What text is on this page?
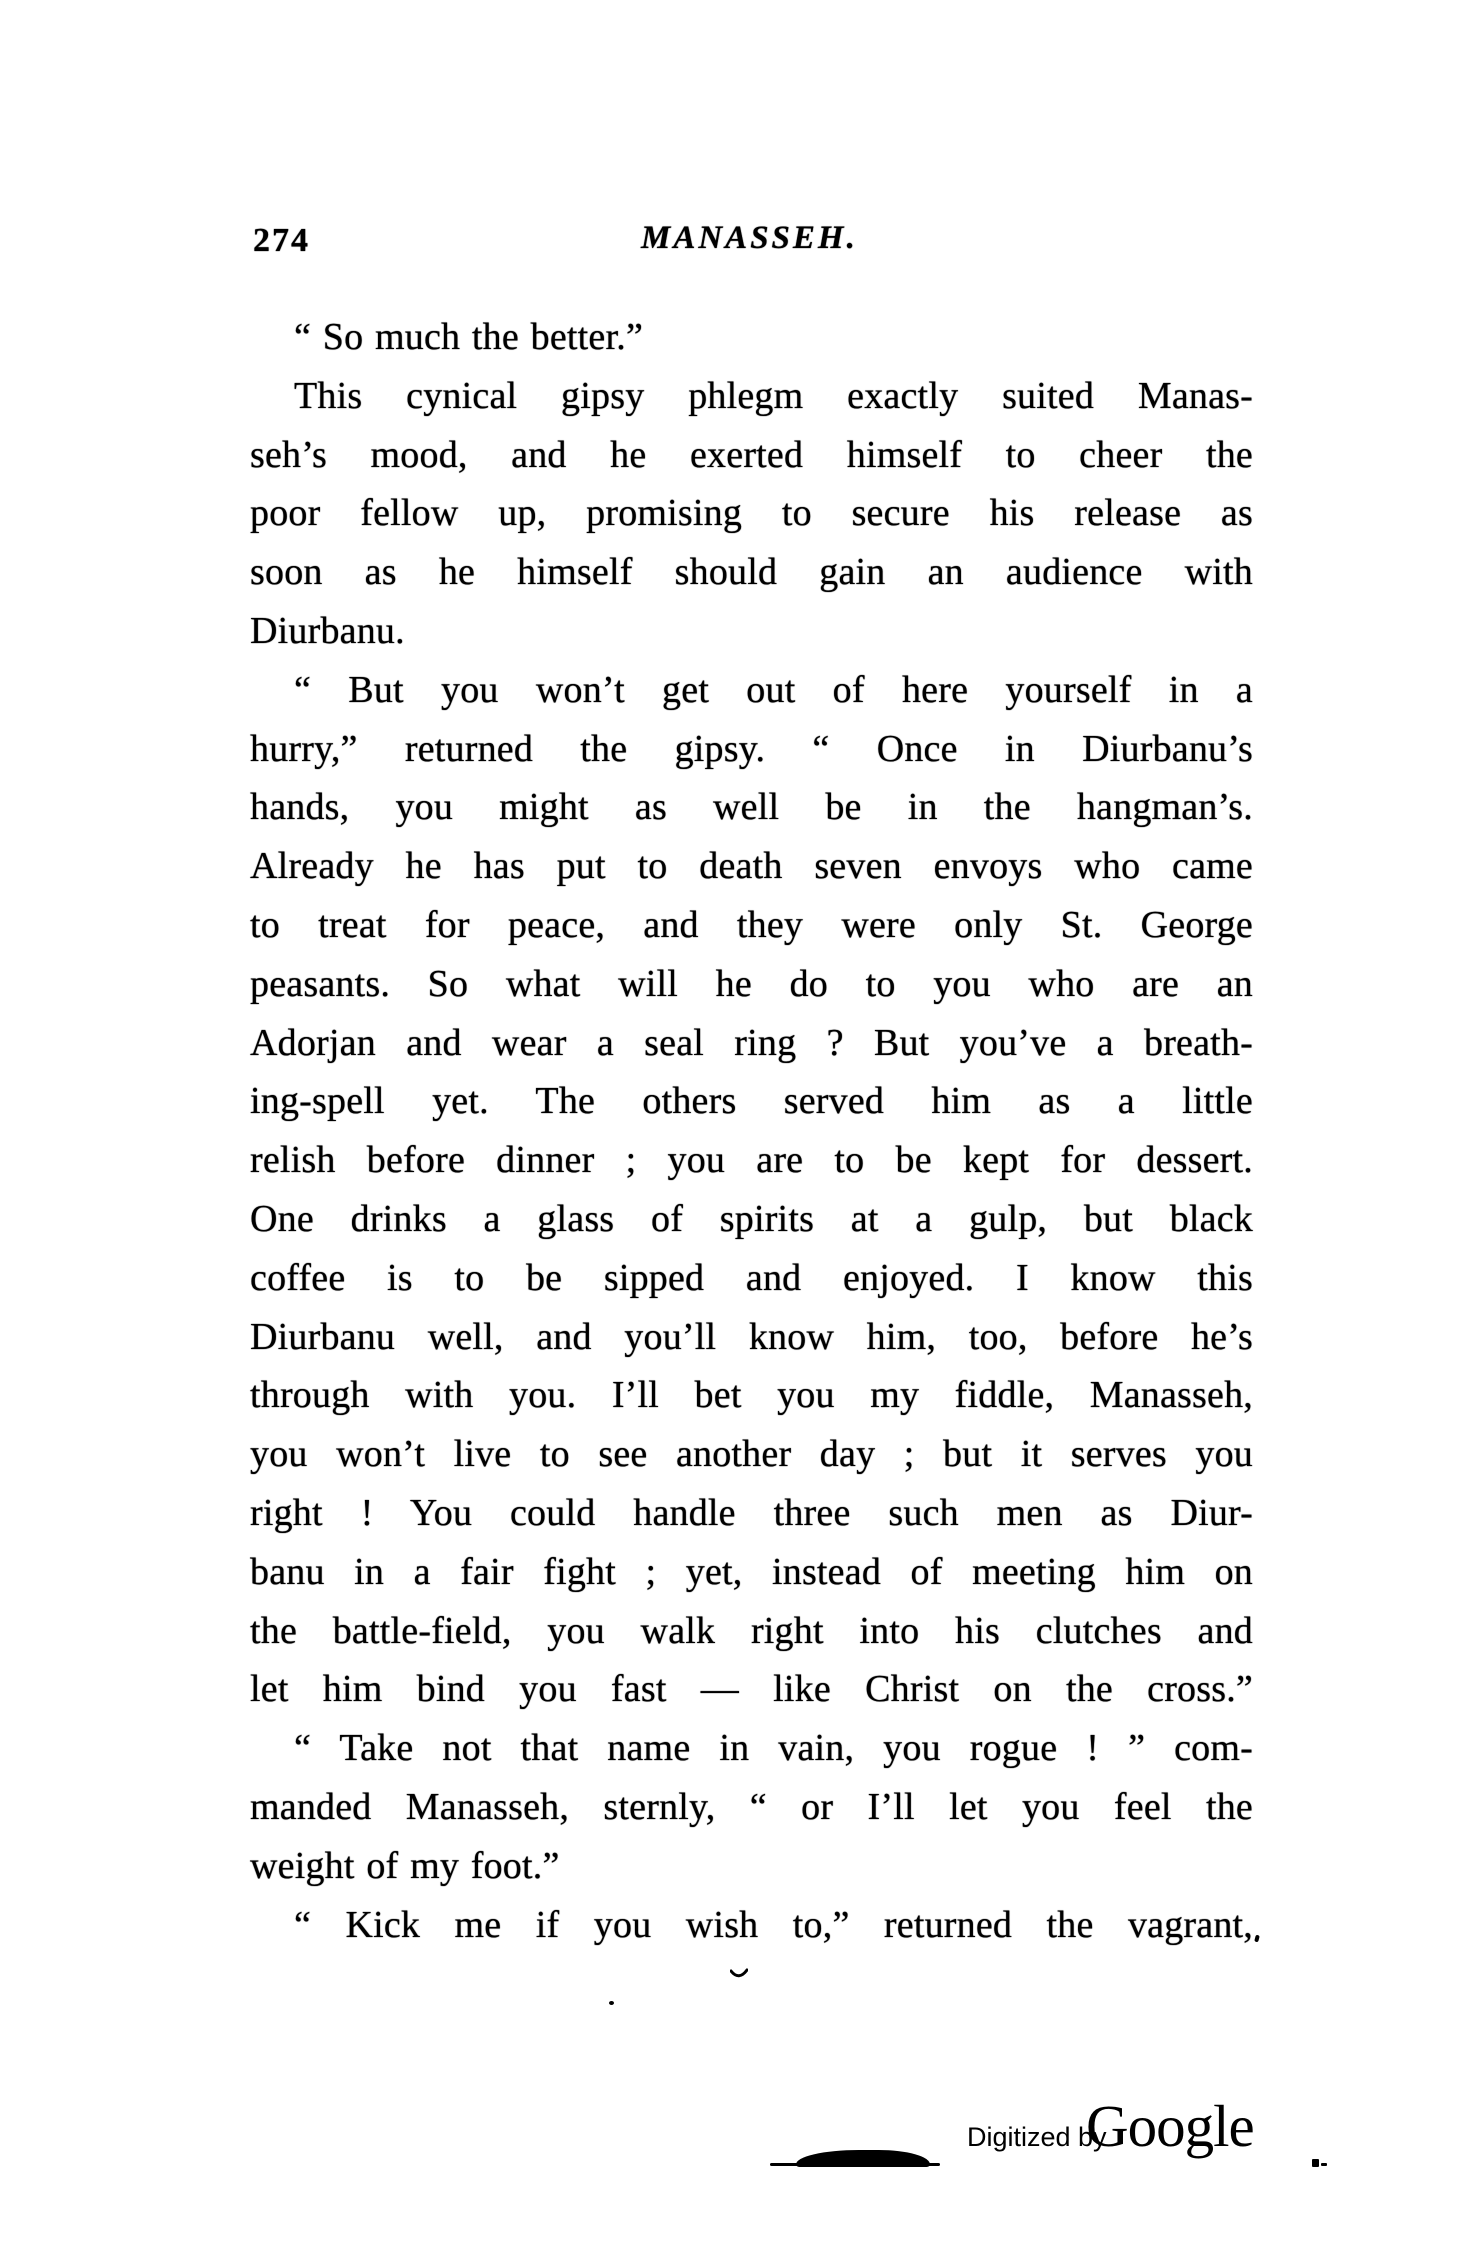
274	MANASSEH.
“ So much the better.”
This cynical gipsy phlegm exactly suited Manas-
seh’s mood, and he exerted himself to cheer the
poor fellow up, promising to secure his release as
soon as he himself should gain an audience with
Diurbanu.
“ But you won’t get out of here yourself in a
hurry,” returned the gipsy. “ Once in Diurbanu’s
hands, you might as well be in the hangman’s.
Already he has put to death seven envoys who came
to treat for peace, and they were only St. George
peasants. So what will he do to you who are an
Adorjan and wear a seal ring ? But you’ve a breath-
ing-spell yet. The others served him as a little
relish before dinner ; you are to be kept for dessert.
One drinks a glass of spirits at a gulp, but black
coffee is to be sipped and enjoyed. I know this
Diurbanu well, and you’ll know him, too, before he’s
through with you. I’ll bet you my fiddle, Manasseh,
you won’t live to see another day ; but it serves you
right ! You could handle three such men as Diur-
banu in a fair fight ; yet, instead of meeting him on
the battle-field, you walk right into his clutches and
let him bind you fast — like Christ on the cross.”
“ Take not that name in vain, you rogue ! ” com-
manded Manasseh, sternly, “ or I’ll let you feel the
weight of my foot.”
“ Kick me if you wish to,” returned the vagrant,
Digitized by
Google
